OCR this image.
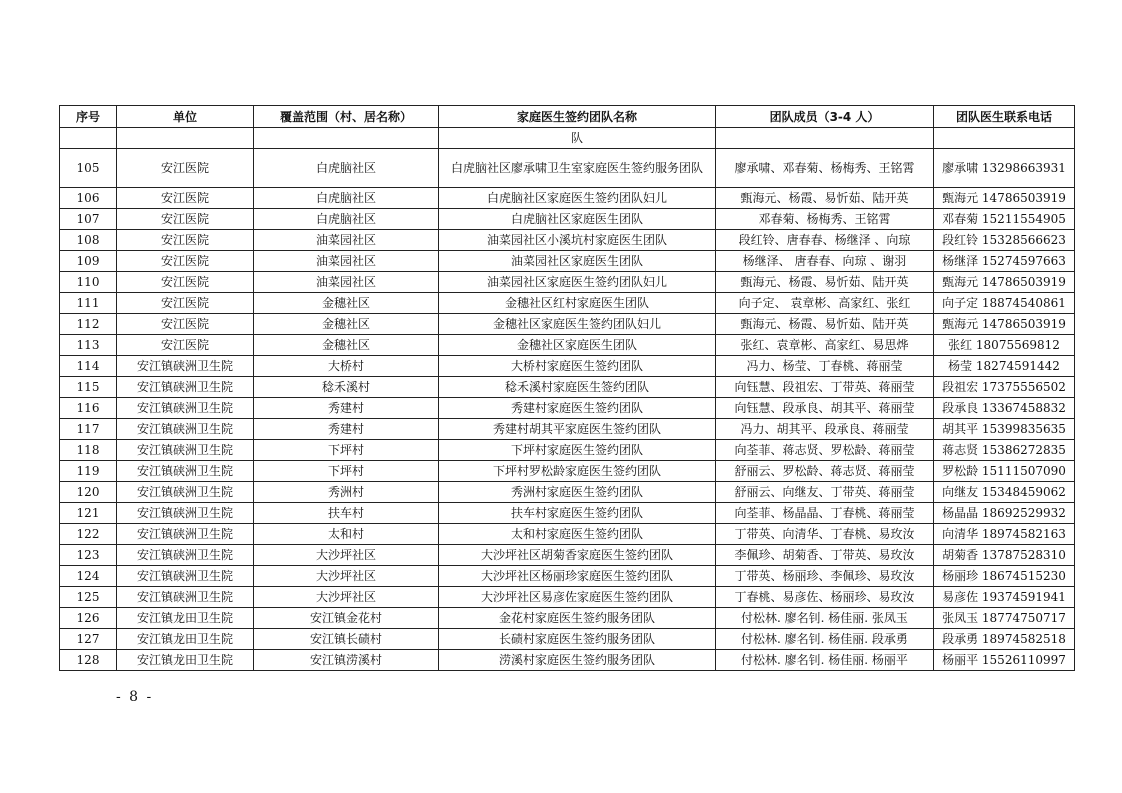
序号	单位	覆盖范围（村、居名称）	家庭医生签约团队名称	团队成员（3-4 人）	团队医生联系电话
			队		
105	安江医院	白虎脑社区	白虎脑社区廖承啸卫生室家庭医生签约服务团队	廖承啸、邓春菊、杨梅秀、王铭霄	廖承啸 13298663931
106	安江医院	白虎脑社区	白虎脑社区家庭医生签约团队妇儿	甄海元、杨霞、易忻茹、陆开英	甄海元 14786503919
107	安江医院	白虎脑社区	白虎脑社区家庭医生团队	邓春菊、杨梅秀、王铭霄	邓春菊 15211554905
108	安江医院	油菜园社区	油菜园社区小溪坑村家庭医生团队	段红铃、唐春春、杨继泽 、向琼	段红铃 15328566623
109	安江医院	油菜园社区	油菜园社区家庭医生团队	杨继泽、 唐春春、向琼 、谢羽	杨继泽 15274597663
110	安江医院	油菜园社区	油菜园社区家庭医生签约团队妇儿	甄海元、杨霞、易忻茹、陆开英	甄海元 14786503919
111	安江医院	金穗社区	金穗社区红村家庭医生团队	向子定、 袁章彬、高家红、张红	向子定 18874540861
112	安江医院	金穗社区	金穗社区家庭医生签约团队妇儿	甄海元、杨霞、易忻茹、陆开英	甄海元 14786503919
113	安江医院	金穗社区	金穗社区家庭医生团队	张红、袁章彬、高家红、易思烨	张红 18075569812
114	安江镇硖洲卫生院	大桥村	大桥村家庭医生签约团队	冯力、杨莹、丁春桃、蒋丽莹	杨莹 18274591442
115	安江镇硖洲卫生院	稔禾溪村	稔禾溪村家庭医生签约团队	向钰慧、段祖宏、丁带英、蒋丽莹	段祖宏 17375556502
116	安江镇硖洲卫生院	秀建村	秀建村家庭医生签约团队	向钰慧、段承良、胡其平、蒋丽莹	段承良 13367458832
117	安江镇硖洲卫生院	秀建村	秀建村胡其平家庭医生签约团队	冯力、胡其平、段承良、蒋丽莹	胡其平 15399835635
118	安江镇硖洲卫生院	下坪村	下坪村家庭医生签约团队	向荃菲、蒋志贤、罗松龄、蒋丽莹	蒋志贤 15386272835
119	安江镇硖洲卫生院	下坪村	下坪村罗松龄家庭医生签约团队	舒丽云、罗松龄、蒋志贤、蒋丽莹	罗松龄 15111507090
120	安江镇硖洲卫生院	秀洲村	秀洲村家庭医生签约团队	舒丽云、向继友、丁带英、蒋丽莹	向继友 15348459062
121	安江镇硖洲卫生院	扶车村	扶车村家庭医生签约团队	向荃菲、杨晶晶、丁春桃、蒋丽莹	杨晶晶 18692529932
122	安江镇硖洲卫生院	太和村	太和村家庭医生签约团队	丁带英、向清华、丁春桃、易玫汝	向清华 18974582163
123	安江镇硖洲卫生院	大沙坪社区	大沙坪社区胡菊香家庭医生签约团队	李佩珍、胡菊香、丁带英、易玫汝	胡菊香 13787528310
124	安江镇硖洲卫生院	大沙坪社区	大沙坪社区杨丽珍家庭医生签约团队	丁带英、杨丽珍、李佩珍、易玫汝	杨丽珍 18674515230
125	安江镇硖洲卫生院	大沙坪社区	大沙坪社区易彦佐家庭医生签约团队	丁春桃、易彦佐、杨丽珍、易玫汝	易彦佐 19374591941
126	安江镇龙田卫生院	安江镇金花村	金花村家庭医生签约服务团队	付松林. 廖名钊. 杨佳丽. 张凤玉	张凤玉 18774750717
127	安江镇龙田卫生院	安江镇长碛村	长碛村家庭医生签约服务团队	付松林. 廖名钊. 杨佳丽. 段承勇	段承勇 18974582518
128	安江镇龙田卫生院	安江镇涝溪村	涝溪村家庭医生签约服务团队	付松林. 廖名钊. 杨佳丽. 杨丽平	杨丽平 15526110997
- 8 -
